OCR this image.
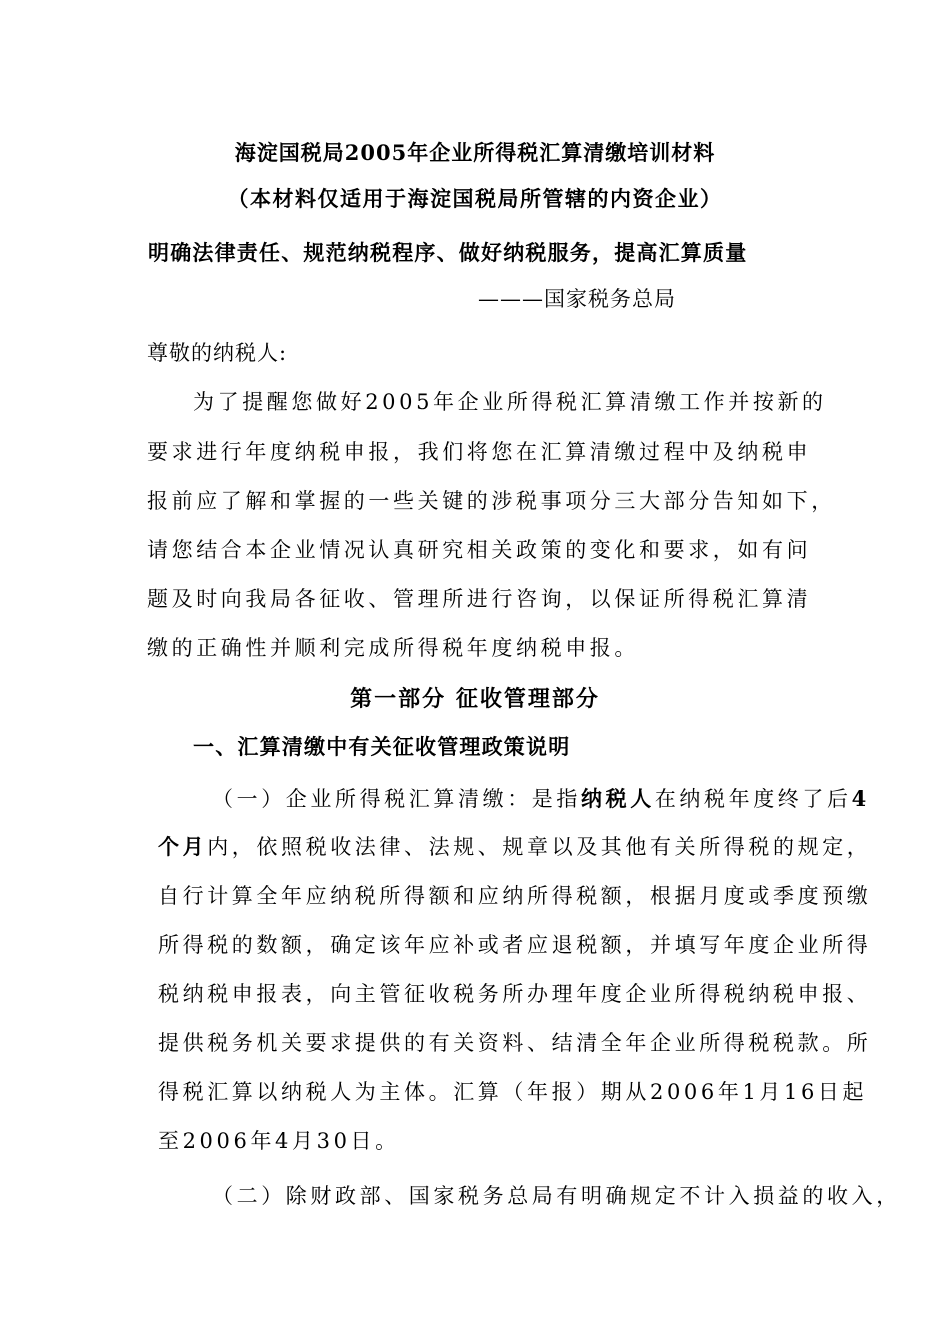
海淀国税局2005年企业所得税汇算清缴培训材料
（本材料仅适用于海淀国税局所管辖的内资企业）
明确法律责任、规范纳税程序、做好纳税服务，提高汇算质量
———国家税务总局
尊敬的纳税人:
为了提醒您做好2005年企业所得税汇算清缴工作并按新的
要求进行年度纳税申报，我们将您在汇算清缴过程中及纳税申
报前应了解和掌握的一些关键的涉税事项分三大部分告知如下，
请您结合本企业情况认真研究相关政策的变化和要求，如有问
题及时向我局各征收、管理所进行咨询，以保证所得税汇算清
缴的正确性并顺利完成所得税年度纳税申报。
第一部分 征收管理部分
一、汇算清缴中有关征收管理政策说明
（一）企业所得税汇算清缴：是指纳税人在纳税年度终了后4
个月内，依照税收法律、法规、规章以及其他有关所得税的规定，
自行计算全年应纳税所得额和应纳所得税额，根据月度或季度预缴
所得税的数额，确定该年应补或者应退税额，并填写年度企业所得
税纳税申报表，向主管征收税务所办理年度企业所得税纳税申报、
提供税务机关要求提供的有关资料、结清全年企业所得税税款。所
得税汇算以纳税人为主体。汇算（年报）期从2006年1月16日起
至2006年4月30日。
（二）除财政部、国家税务总局有明确规定不计入损益的收入，
